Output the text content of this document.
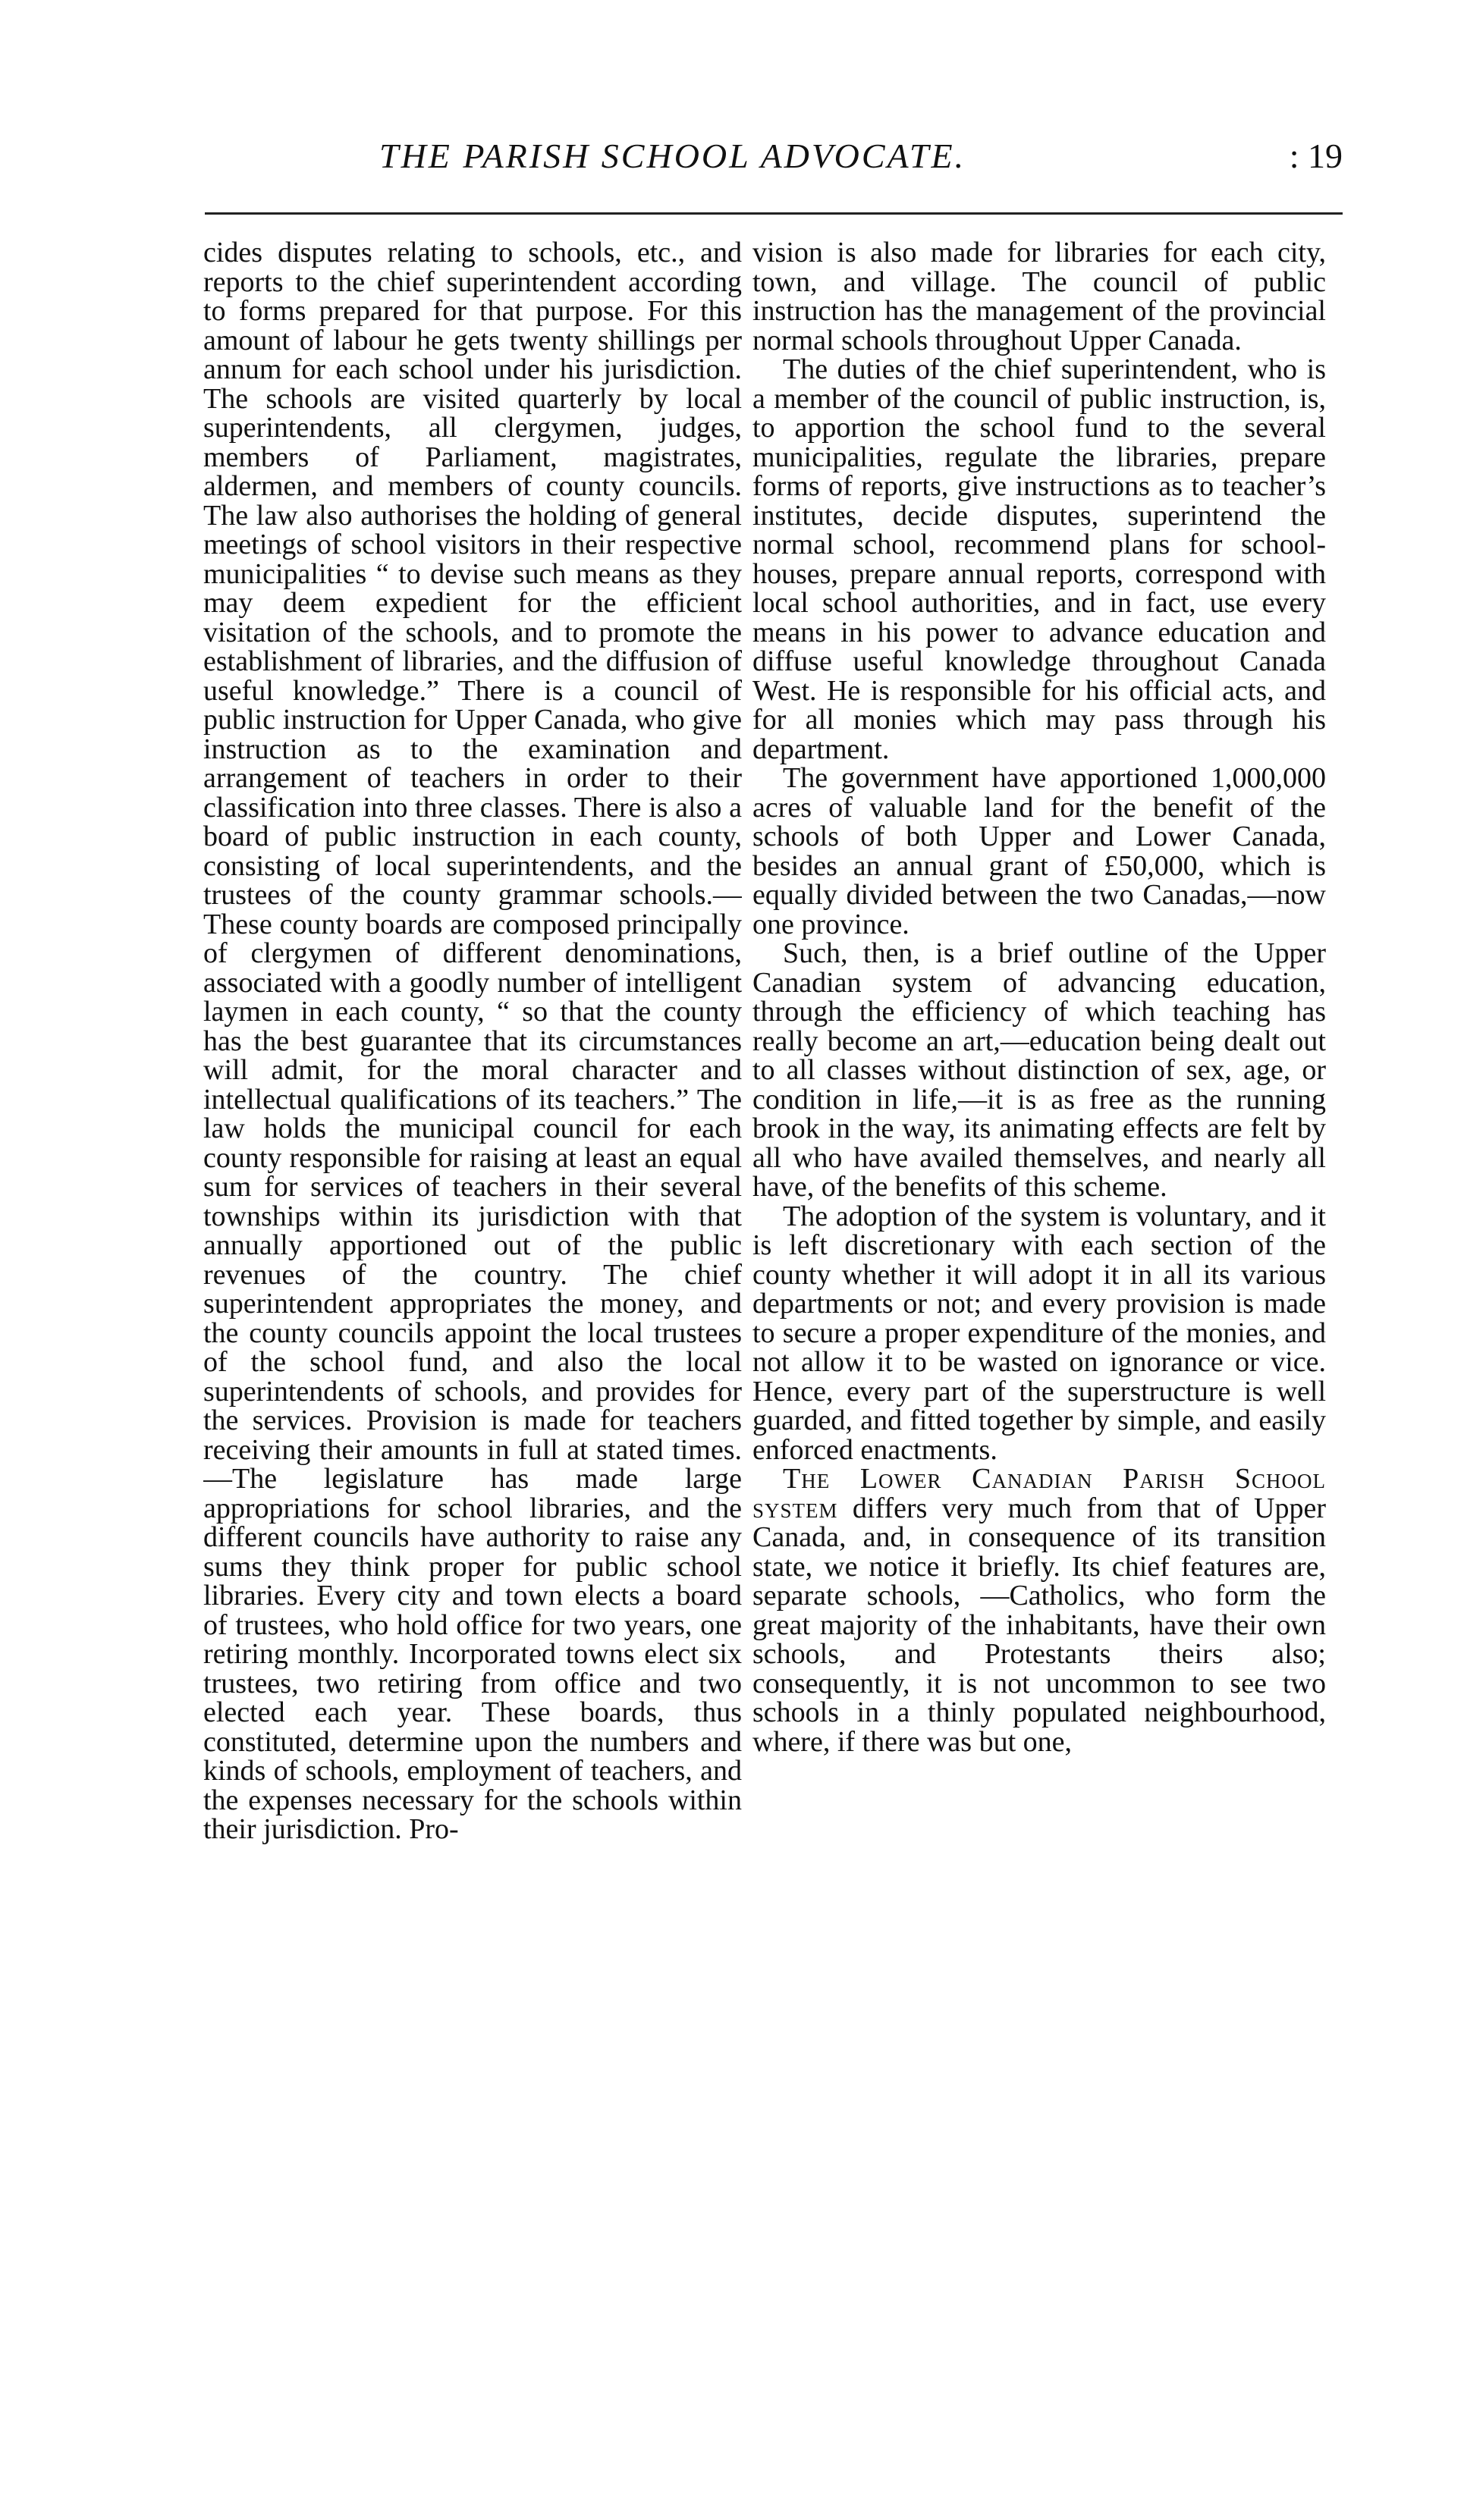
THE PARISH SCHOOL ADVOCATE.	: 19

cides disputes relating to schools, etc., and reports to the chief superintendent according to forms prepared for that purpose. For this amount of labour he gets twenty shillings per annum for each school under his jurisdiction. The schools are visited quarterly by local superintendents, all clergymen, judges, members of Parliament, magistrates, aldermen, and members of county councils. The law also authorises the holding of general meetings of school visitors in their respective municipalities “ to devise such means as they may deem expedient for the efficient visitation of the schools, and to promote the establishment of libraries, and the diffusion of useful knowledge.” There is a council of public instruction for Upper Canada, who give instruction as to the examination and arrangement of teachers in order to their classification into three classes. There is also a board of public instruction in each county, consisting of local superintendents, and the trustees of the county grammar schools.—These county boards are composed principally of clergymen of different denominations, associated with a goodly number of intelligent laymen in each county, “ so that the county has the best guarantee that its circumstances will admit, for the moral character and intellectual qualifications of its teachers.” The law holds the municipal council for each county responsible for raising at least an equal sum for services of teachers in their several townships within its jurisdiction with that annually apportioned out of the public revenues of the country. The chief superintendent appropriates the money, and the county councils appoint the local trustees of the school fund, and also the local superintendents of schools, and provides for the services. Provision is made for teachers receiving their amounts in full at stated times.—The legislature has made large appropriations for school libraries, and the different councils have authority to raise any sums they think proper for public school libraries. Every city and town elects a board of trustees, who hold office for two years, one retiring monthly. Incorporated towns elect six trustees, two retiring from office and two elected each year. These boards, thus constituted, determine upon the numbers and kinds of schools, employment of teachers, and the expenses necessary for the schools within their jurisdiction. Pro-

vision is also made for libraries for each city, town, and village. The council of public instruction has the management of the provincial normal schools throughout Upper Canada.

The duties of the chief superintendent, who is a member of the council of public instruction, is, to apportion the school fund to the several municipalities, regulate the libraries, prepare forms of reports, give instructions as to teacher’s institutes, decide disputes, superintend the normal school, recommend plans for school-houses, prepare annual reports, correspond with local school authorities, and in fact, use every means in his power to advance education and diffuse useful knowledge throughout Canada West. He is responsible for his official acts, and for all monies which may pass through his department.

The government have apportioned 1,000,000 acres of valuable land for the benefit of the schools of both Upper and Lower Canada, besides an annual grant of £50,000, which is equally divided between the two Canadas,—now one province.

Such, then, is a brief outline of the Upper Canadian system of advancing education, through the efficiency of which teaching has really become an art,—education being dealt out to all classes without distinction of sex, age, or condition in life,—it is as free as the running brook in the way, its animating effects are felt by all who have availed themselves, and nearly all have, of the benefits of this scheme.

The adoption of the system is voluntary, and it is left discretionary with each section of the county whether it will adopt it in all its various departments or not; and every provision is made to secure a proper expenditure of the monies, and not allow it to be wasted on ignorance or vice. Hence, every part of the superstructure is well guarded, and fitted together by simple, and easily enforced enactments.

The Lower Canadian Parish School system differs very much from that of Upper Canada, and, in consequence of its transition state, we notice it briefly. Its chief features are, separate schools, —Catholics, who form the great majority of the inhabitants, have their own schools, and Protestants theirs also; consequently, it is not uncommon to see two schools in a thinly populated neighbourhood, where, if there was but one,
